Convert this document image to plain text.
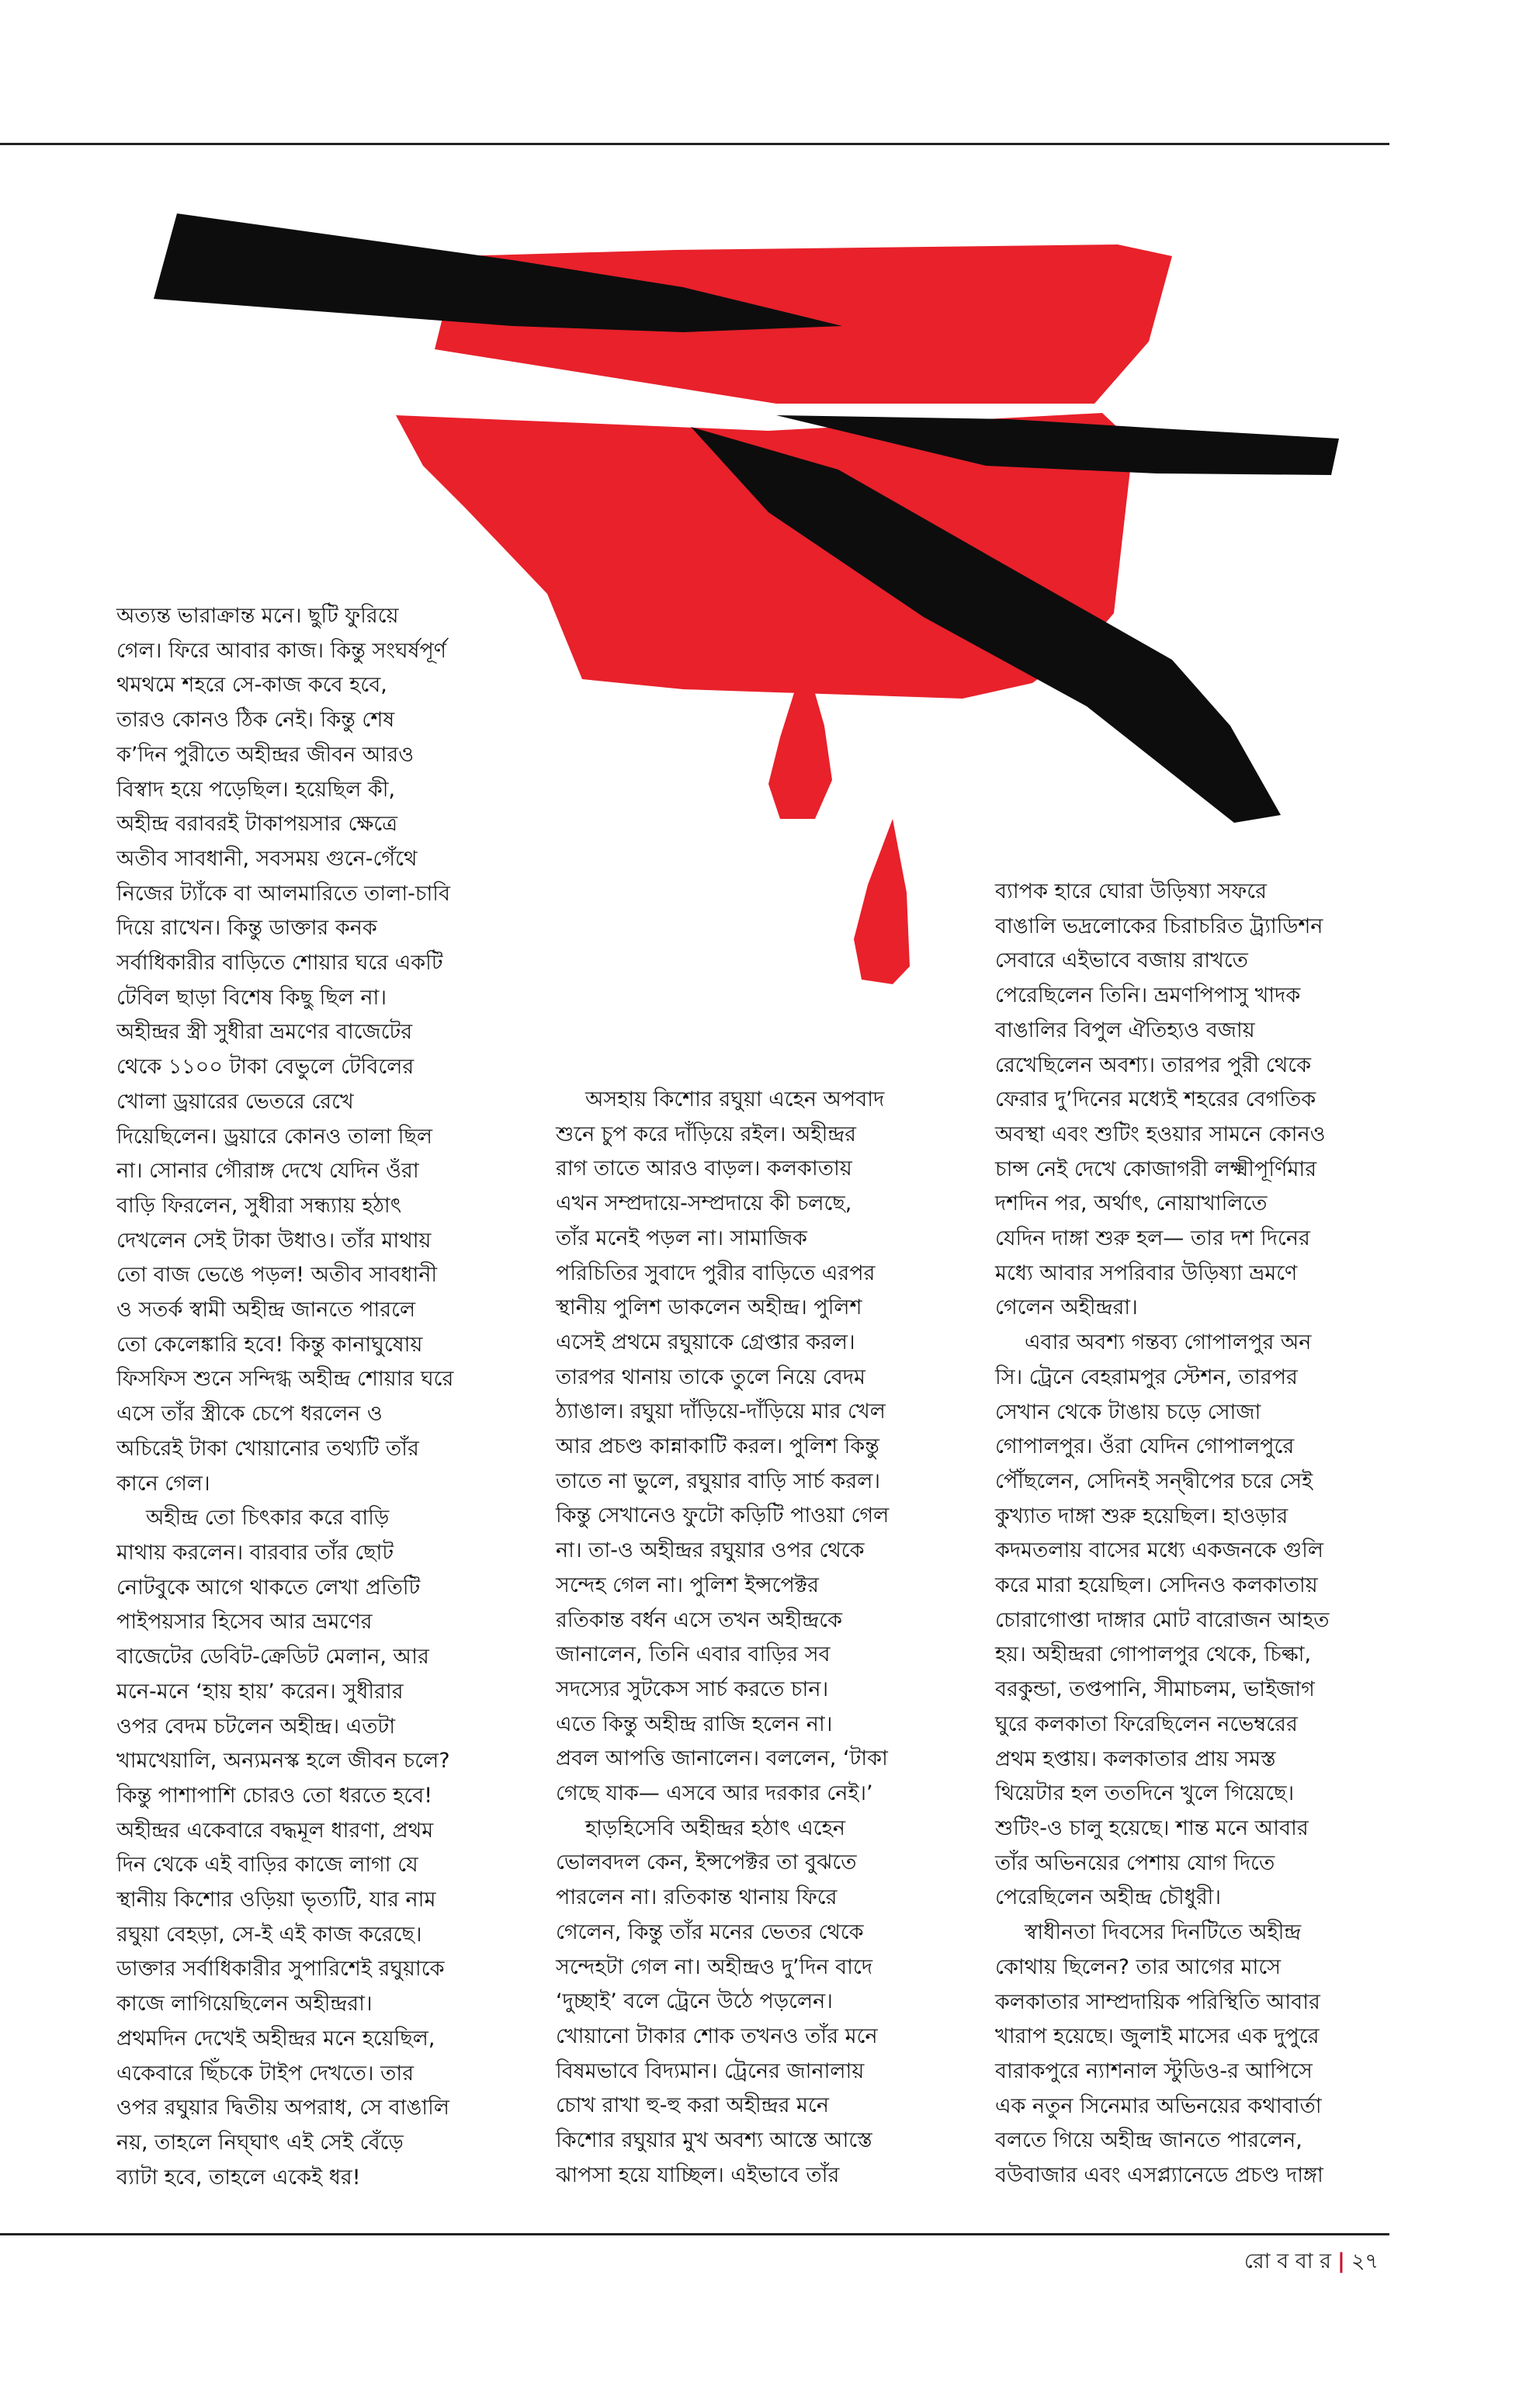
অত্যন্ত ভারাক্রান্ত মনে। ছুটি ফুরিয়ে
গেল। ফিরে আবার কাজ। কিন্তু সংঘর্ষপূর্ণ
থমথমে শহরে সে-কাজ কবে হবে,
তারও কোনও ঠিক নেই। কিন্তু শেষ
ক’দিন পুরীতে অহীন্দ্রর জীবন আরও
বিস্বাদ হয়ে পড়েছিল। হয়েছিল কী,
অহীন্দ্র বরাবরই টাকাপয়সার ক্ষেত্রে
অতীব সাবধানী, সবসময় গুনে-গেঁথে
নিজের ট্যাঁকে বা আলমারিতে তালা-চাবি
দিয়ে রাখেন। কিন্তু ডাক্তার কনক
সর্বাধিকারীর বাড়িতে শোয়ার ঘরে একটি
টেবিল ছাড়া বিশেষ কিছু ছিল না।
অহীন্দ্রর স্ত্রী সুধীরা ভ্রমণের বাজেটের
থেকে ১১০০ টাকা বেভুলে টেবিলের
খোলা ড্রয়ারের ভেতরে রেখে
দিয়েছিলেন। ড্রয়ারে কোনও তালা ছিল
না। সোনার গৌরাঙ্গ দেখে যেদিন ওঁরা
বাড়ি ফিরলেন, সুধীরা সন্ধ্যায় হঠাৎ
দেখলেন সেই টাকা উধাও। তাঁর মাথায়
তো বাজ ভেঙে পড়ল! অতীব সাবধানী
ও সতর্ক স্বামী অহীন্দ্র জানতে পারলে
তো কেলেঙ্কারি হবে! কিন্তু কানাঘুষোয়
ফিসফিস শুনে সন্দিগ্ধ অহীন্দ্র শোয়ার ঘরে
এসে তাঁর স্ত্রীকে চেপে ধরলেন ও
অচিরেই টাকা খোয়ানোর তথ্যটি তাঁর
কানে গেল।

অহীন্দ্র তো চিৎকার করে বাড়ি
মাথায় করলেন। বারবার তাঁর ছোট
নোটবুকে আগে থাকতে লেখা প্রতিটি
পাইপয়সার হিসেব আর ভ্রমণের
বাজেটের ডেবিট-ক্রেডিট মেলান, আর
মনে-মনে ‘হায় হায়’ করেন। সুধীরার
ওপর বেদম চটলেন অহীন্দ্র। এতটা
খামখেয়ালি, অন্যমনস্ক হলে জীবন চলে?
কিন্তু পাশাপাশি চোরও তো ধরতে হবে!
অহীন্দ্রর একেবারে বদ্ধমূল ধারণা, প্রথম
দিন থেকে এই বাড়ির কাজে লাগা যে
স্থানীয় কিশোর ওড়িয়া ভৃত্যটি, যার নাম
রঘুয়া বেহড়া, সে-ই এই কাজ করেছে।
ডাক্তার সর্বাধিকারীর সুপারিশেই রঘুয়াকে
কাজে লাগিয়েছিলেন অহীন্দ্ররা।
প্রথমদিন দেখেই অহীন্দ্রর মনে হয়েছিল,
একেবারে ছিঁচকে টাইপ দেখতে। তার
ওপর রঘুয়ার দ্বিতীয় অপরাধ, সে বাঙালি
নয়, তাহলে নিঘ্ঘাৎ এই সেই বেঁড়ে
ব্যাটা হবে, তাহলে একেই ধর!

অসহায় কিশোর রঘুয়া এহেন অপবাদ
শুনে চুপ করে দাঁড়িয়ে রইল। অহীন্দ্রর
রাগ তাতে আরও বাড়ল। কলকাতায়
এখন সম্প্রদায়ে-সম্প্রদায়ে কী চলছে,
তাঁর মনেই পড়ল না। সামাজিক
পরিচিতির সুবাদে পুরীর বাড়িতে এরপর
স্থানীয় পুলিশ ডাকলেন অহীন্দ্র। পুলিশ
এসেই প্রথমে রঘুয়াকে গ্রেপ্তার করল।
তারপর থানায় তাকে তুলে নিয়ে বেদম
ঠ্যাঙাল। রঘুয়া দাঁড়িয়ে-দাঁড়িয়ে মার খেল
আর প্রচণ্ড কান্নাকাটি করল। পুলিশ কিন্তু
তাতে না ভুলে, রঘুয়ার বাড়ি সার্চ করল।
কিন্তু সেখানেও ফুটো কড়িটি পাওয়া গেল
না। তা-ও অহীন্দ্রর রঘুয়ার ওপর থেকে
সন্দেহ গেল না। পুলিশ ইন্সপেক্টর
রতিকান্ত বর্ধন এসে তখন অহীন্দ্রকে
জানালেন, তিনি এবার বাড়ির সব
সদস্যের সুটকেস সার্চ করতে চান।
এতে কিন্তু অহীন্দ্র রাজি হলেন না।
প্রবল আপত্তি জানালেন। বললেন, ‘টাকা
গেছে যাক— এসবে আর দরকার নেই।’

হাড়হিসেবি অহীন্দ্রর হঠাৎ এহেন
ভোলবদল কেন, ইন্সপেক্টর তা বুঝতে
পারলেন না। রতিকান্ত থানায় ফিরে
গেলেন, কিন্তু তাঁর মনের ভেতর থেকে
সন্দেহটা গেল না। অহীন্দ্রও দু’দিন বাদে
‘দুচ্ছাই’ বলে ট্রেনে উঠে পড়লেন।
খোয়ানো টাকার শোক তখনও তাঁর মনে
বিষমভাবে বিদ্যমান। ট্রেনের জানালায়
চোখ রাখা হু-হু করা অহীন্দ্রর মনে
কিশোর রঘুয়ার মুখ অবশ্য আস্তে আস্তে
ঝাপসা হয়ে যাচ্ছিল। এইভাবে তাঁর

ব্যাপক হারে ঘোরা উড়িষ্যা সফরে
বাঙালি ভদ্রলোকের চিরাচরিত ট্র্যাডিশন
সেবারে এইভাবে বজায় রাখতে
পেরেছিলেন তিনি। ভ্রমণপিপাসু খাদক
বাঙালির বিপুল ঐতিহ্যও বজায়
রেখেছিলেন অবশ্য। তারপর পুরী থেকে
ফেরার দু’দিনের মধ্যেই শহরের বেগতিক
অবস্থা এবং শুটিং হওয়ার সামনে কোনও
চান্স নেই দেখে কোজাগরী লক্ষ্মীপূর্ণিমার
দশদিন পর, অর্থাৎ, নোয়াখালিতে
যেদিন দাঙ্গা শুরু হল— তার দশ দিনের
মধ্যে আবার সপরিবার উড়িষ্যা ভ্রমণে
গেলেন অহীন্দ্ররা।

এবার অবশ্য গন্তব্য গোপালপুর অন
সি। ট্রেনে বেহরামপুর স্টেশন, তারপর
সেখান থেকে টাঙায় চড়ে সোজা
গোপালপুর। ওঁরা যেদিন গোপালপুরে
পৌঁছলেন, সেদিনই সন্দ্বীপের চরে সেই
কুখ্যাত দাঙ্গা শুরু হয়েছিল। হাওড়ার
কদমতলায় বাসের মধ্যে একজনকে গুলি
করে মারা হয়েছিল। সেদিনও কলকাতায়
চোরাগোপ্তা দাঙ্গার মোট বারোজন আহত
হয়। অহীন্দ্ররা গোপালপুর থেকে, চিল্কা,
বরকুন্ডা, তপ্তপানি, সীমাচলম, ভাইজাগ
ঘুরে কলকাতা ফিরেছিলেন নভেম্বরের
প্রথম হপ্তায়। কলকাতার প্রায় সমস্ত
থিয়েটার হল ততদিনে খুলে গিয়েছে।
শুটিং-ও চালু হয়েছে। শান্ত মনে আবার
তাঁর অভিনয়ের পেশায় যোগ দিতে
পেরেছিলেন অহীন্দ্র চৌধুরী।

স্বাধীনতা দিবসের দিনটিতে অহীন্দ্র
কোথায় ছিলেন? তার আগের মাসে
কলকাতার সাম্প্রদায়িক পরিস্থিতি আবার
খারাপ হয়েছে। জুলাই মাসের এক দুপুরে
বারাকপুরে ন্যাশনাল স্টুডিও-র আপিসে
এক নতুন সিনেমার অভিনয়ের কথাবার্তা
বলতে গিয়ে অহীন্দ্র জানতে পারলেন,
বউবাজার এবং এসপ্ল্যানেডে প্রচণ্ড দাঙ্গা

রো ব বা র | ২৭
